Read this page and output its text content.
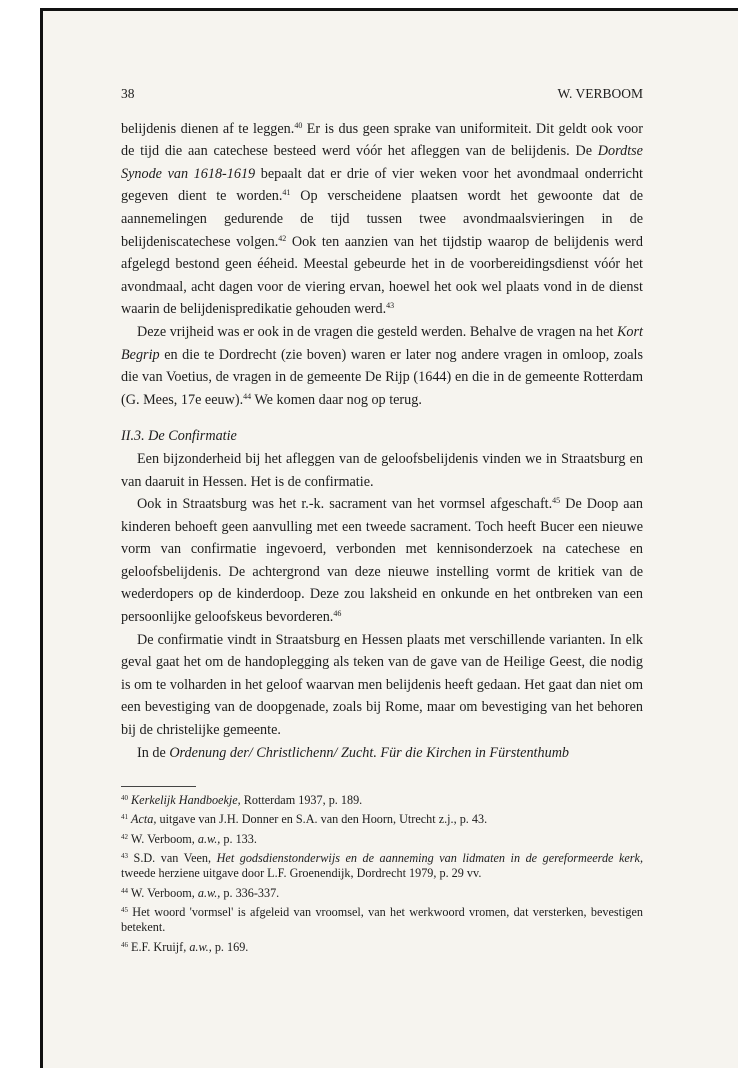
38	W. VERBOOM

belijdenis dienen af te leggen.$^{40}$ Er is dus geen sprake van uniformiteit. Dit geldt ook voor de tijd die aan catechese besteed werd vóór het afleggen van de belijdenis. De Dordtse Synode van 1618-1619 bepaalt dat er drie of vier weken voor het avondmaal onderricht gegeven dient te worden.$^{41}$ Op verscheidene plaatsen wordt het gewoonte dat de aannemelingen gedurende de tijd tussen twee avondmaalsvieringen in de belijdeniscatechese volgen.$^{42}$ Ook ten aanzien van het tijdstip waarop de belijdenis werd afgelegd bestond geen ééheid. Meestal gebeurde het in de voorbereidingsdienst vóór het avondmaal, acht dagen voor de viering ervan, hoewel het ook wel plaats vond in de dienst waarin de belijdenispredikatie gehouden werd.$^{43}$

Deze vrijheid was er ook in de vragen die gesteld werden. Behalve de vragen na het Kort Begrip en die te Dordrecht (zie boven) waren er later nog andere vragen in omloop, zoals die van Voetius, de vragen in de gemeente De Rijp (1644) en die in de gemeente Rotterdam (G. Mees, 17e eeuw).$^{44}$ We komen daar nog op terug.

II.3. De Confirmatie

Een bijzonderheid bij het afleggen van de geloofsbelijdenis vinden we in Straatsburg en van daaruit in Hessen. Het is de confirmatie.

Ook in Straatsburg was het r.-k. sacrament van het vormsel afgeschaft.$^{45}$ De Doop aan kinderen behoeft geen aanvulling met een tweede sacrament. Toch heeft Bucer een nieuwe vorm van confirmatie ingevoerd, verbonden met kennisonderzoek na catechese en geloofsbelijdenis. De achtergrond van deze nieuwe instelling vormt de kritiek van de wederdopers op de kinderdoop. Deze zou laksheid en onkunde en het ontbreken van een persoonlijke geloofskeus bevorderen.$^{46}$

De confirmatie vindt in Straatsburg en Hessen plaats met verschillende varianten. In elk geval gaat het om de handoplegging als teken van de gave van de Heilige Geest, die nodig is om te volharden in het geloof waarvan men belijdenis heeft gedaan. Het gaat dan niet om een bevestiging van de doopgenade, zoals bij Rome, maar om bevestiging van het behoren bij de christelijke gemeente.

In de Ordenung der/ Christlichenn/ Zucht. Für die Kirchen in Fürstenthumb

$^{40}$ Kerkelijk Handboekje, Rotterdam 1937, p. 189.

$^{41}$ Acta, uitgave van J.H. Donner en S.A. van den Hoorn, Utrecht z.j., p. 43.

$^{42}$ W. Verboom, a.w., p. 133.

$^{43}$ S.D. van Veen, Het godsdienstonderwijs en de aanneming van lidmaten in de gereformeerde kerk, tweede herziene uitgave door L.F. Groenendijk, Dordrecht 1979, p. 29 vv.

$^{44}$ W. Verboom, a.w., p. 336-337.

$^{45}$ Het woord 'vormsel' is afgeleid van vroomsel, van het werkwoord vromen, dat versterken, bevestigen betekent.

$^{46}$ E.F. Kruijf, a.w., p. 169.
